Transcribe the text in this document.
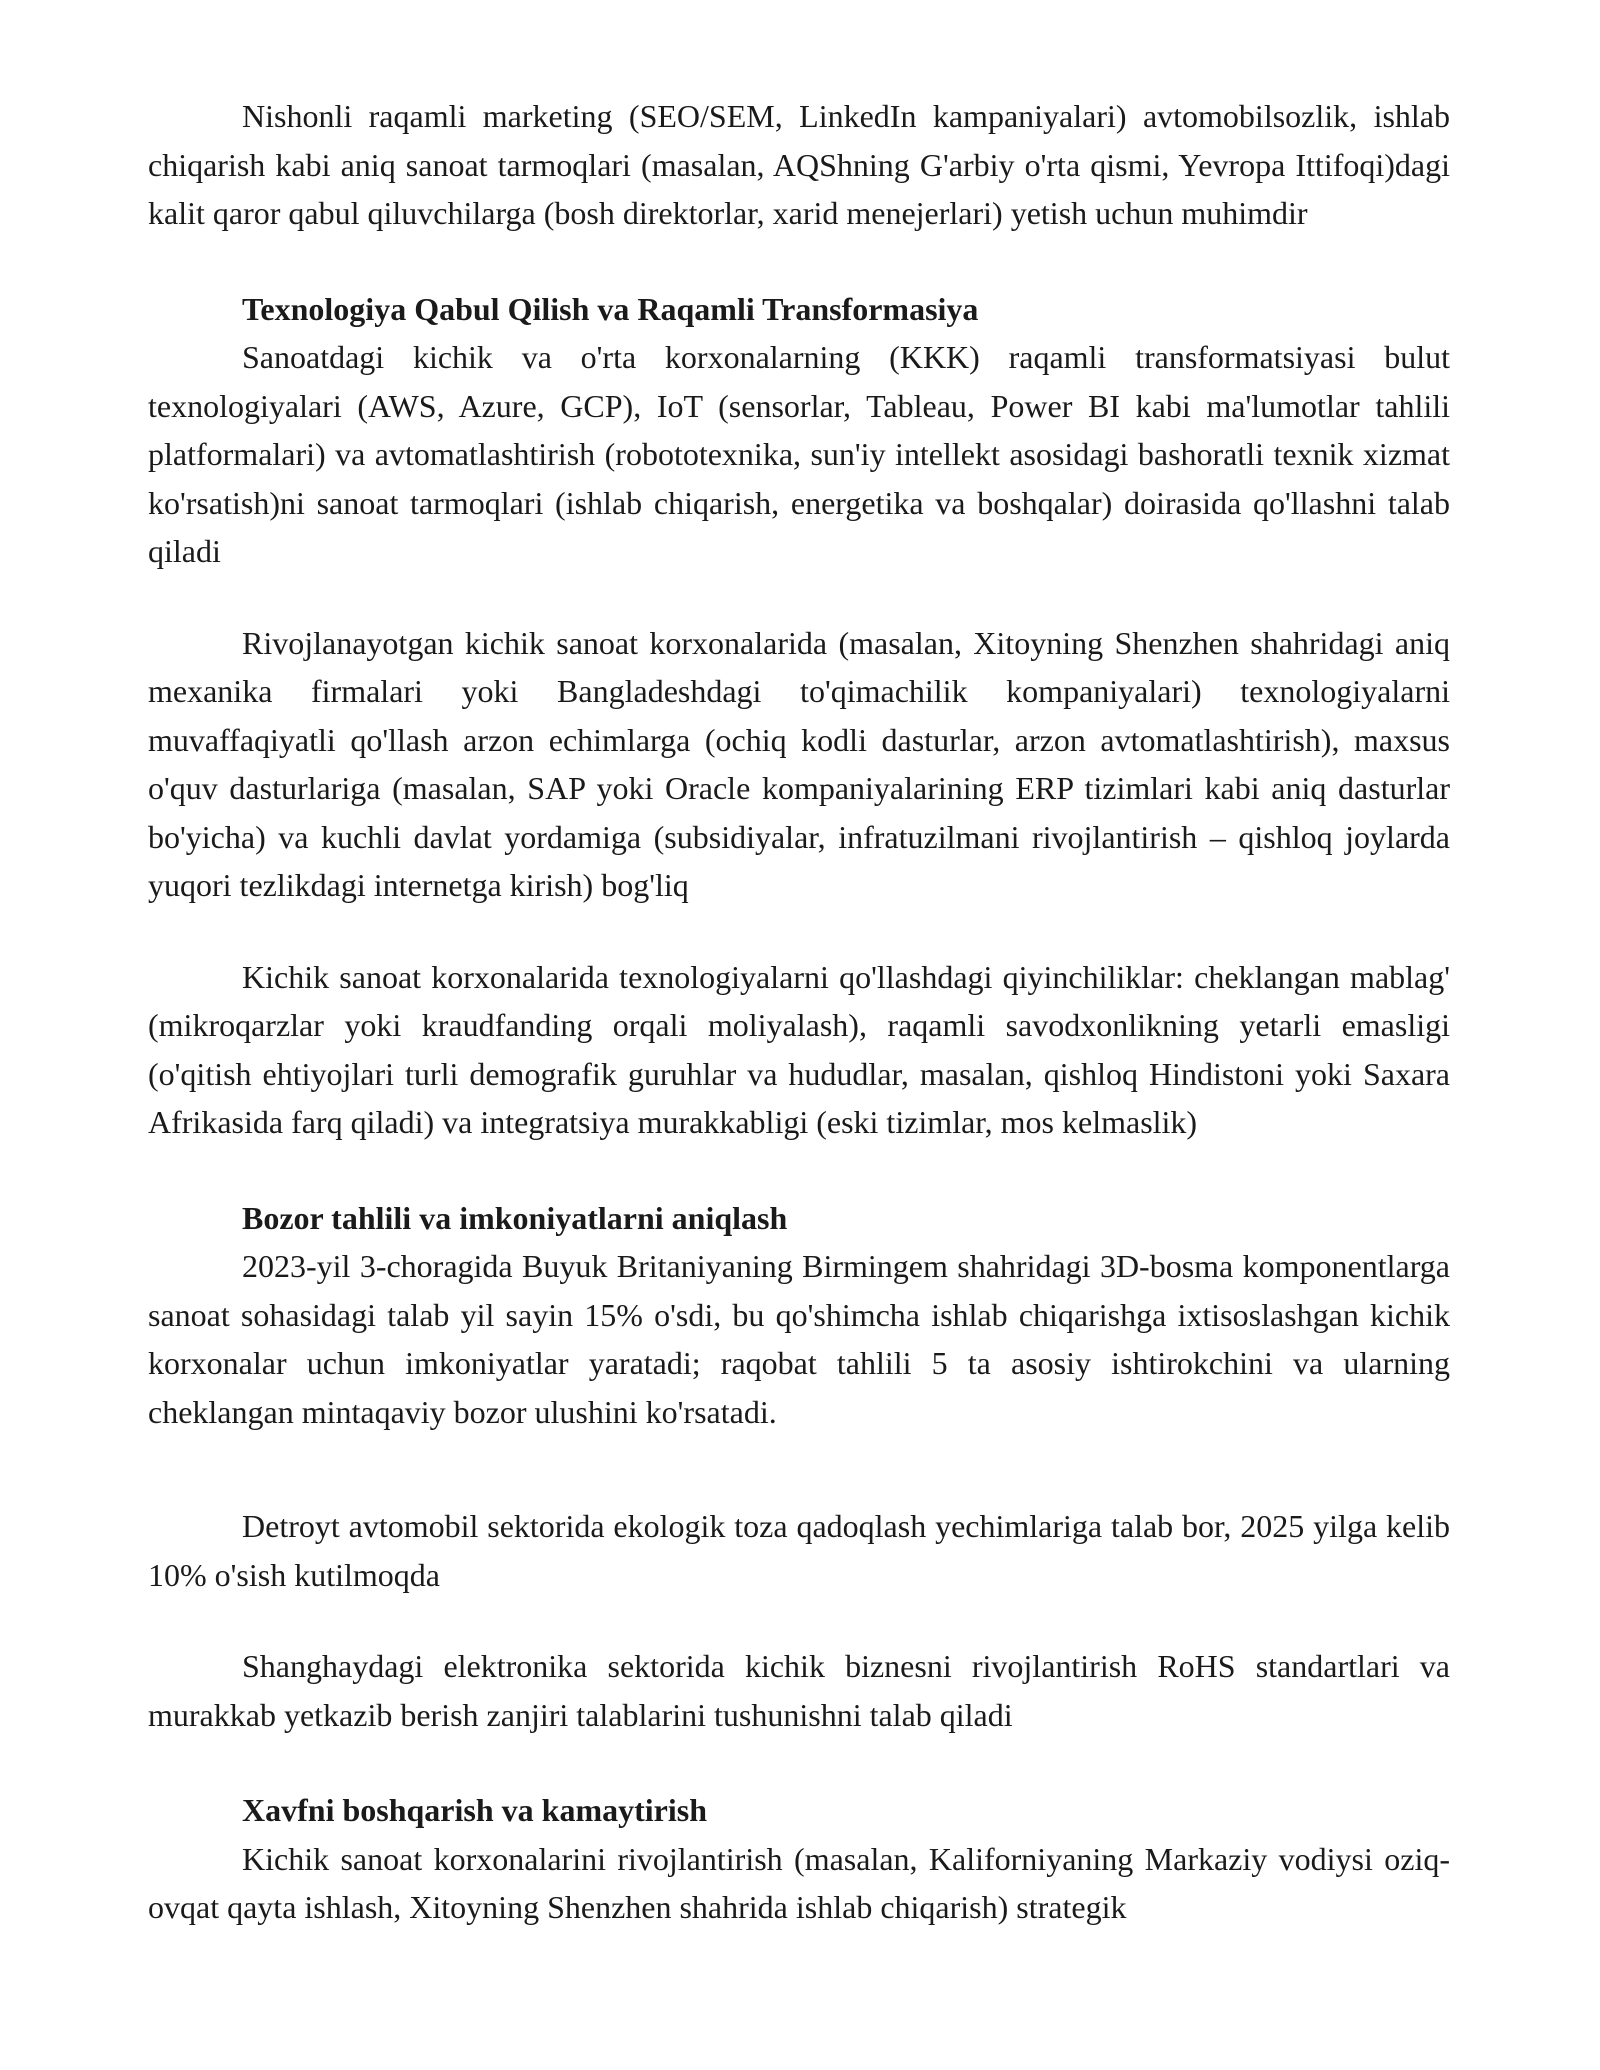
Nishonli raqamli marketing (SEO/SEM, LinkedIn kampaniyalari) avtomobilsozlik, ishlab chiqarish kabi aniq sanoat tarmoqlari (masalan, AQShning G'arbiy o'rta qismi, Yevropa Ittifoqi)dagi kalit qaror qabul qiluvchilarga (bosh direktorlar, xarid menejerlari) yetish uchun muhimdir

Texnologiya Qabul Qilish va Raqamli Transformasiya

Sanoatdagi kichik va o'rta korxonalarning (KKK) raqamli transformatsiyasi bulut texnologiyalari (AWS, Azure, GCP), IoT (sensorlar, Tableau, Power BI kabi ma'lumotlar tahlili platformalari) va avtomatlashtirish (robototexnika, sun'iy intellekt asosidagi bashoratli texnik xizmat ko'rsatish)ni sanoat tarmoqlari (ishlab chiqarish, energetika va boshqalar) doirasida qo'llashni talab qiladi

Rivojlanayotgan kichik sanoat korxonalarida (masalan, Xitoyning Shenzhen shahridagi aniq mexanika firmalari yoki Bangladeshdagi to'qimachilik kompaniyalari) texnologiyalarni muvaffaqiyatli qo'llash arzon echimlarga (ochiq kodli dasturlar, arzon avtomatlashtirish), maxsus o'quv dasturlariga (masalan, SAP yoki Oracle kompaniyalarining ERP tizimlari kabi aniq dasturlar bo'yicha) va kuchli davlat yordamiga (subsidiyalar, infratuzilmani rivojlantirish – qishloq joylarda yuqori tezlikdagi internetga kirish) bog'liq

Kichik sanoat korxonalarida texnologiyalarni qo'llashdagi qiyinchiliklar: cheklangan mablag' (mikroqarzlar yoki kraudfanding orqali moliyalash), raqamli savodxonlikning yetarli emasligi (o'qitish ehtiyojlari turli demografik guruhlar va hududlar, masalan, qishloq Hindistoni yoki Saxara Afrikasida farq qiladi) va integratsiya murakkabligi (eski tizimlar, mos kelmaslik)

Bozor tahlili va imkoniyatlarni aniqlash

2023-yil 3-choragida Buyuk Britaniyaning Birmingem shahridagi 3D-bosma komponentlarga sanoat sohasidagi talab yil sayin 15% o'sdi, bu qo'shimcha ishlab chiqarishga ixtisoslashgan kichik korxonalar uchun imkoniyatlar yaratadi; raqobat tahlili 5 ta asosiy ishtirokchini va ularning cheklangan mintaqaviy bozor ulushini ko'rsatadi.

Detroyt avtomobil sektorida ekologik toza qadoqlash yechimlariga talab bor, 2025 yilga kelib 10% o'sish kutilmoqda

Shanghaydagi elektronika sektorida kichik biznesni rivojlantirish RoHS standartlari va murakkab yetkazib berish zanjiri talablarini tushunishni talab qiladi

Xavfni boshqarish va kamaytirish

Kichik sanoat korxonalarini rivojlantirish (masalan, Kaliforniyaning Markaziy vodiysi oziq-ovqat qayta ishlash, Xitoyning Shenzhen shahrida ishlab chiqarish) strategik
